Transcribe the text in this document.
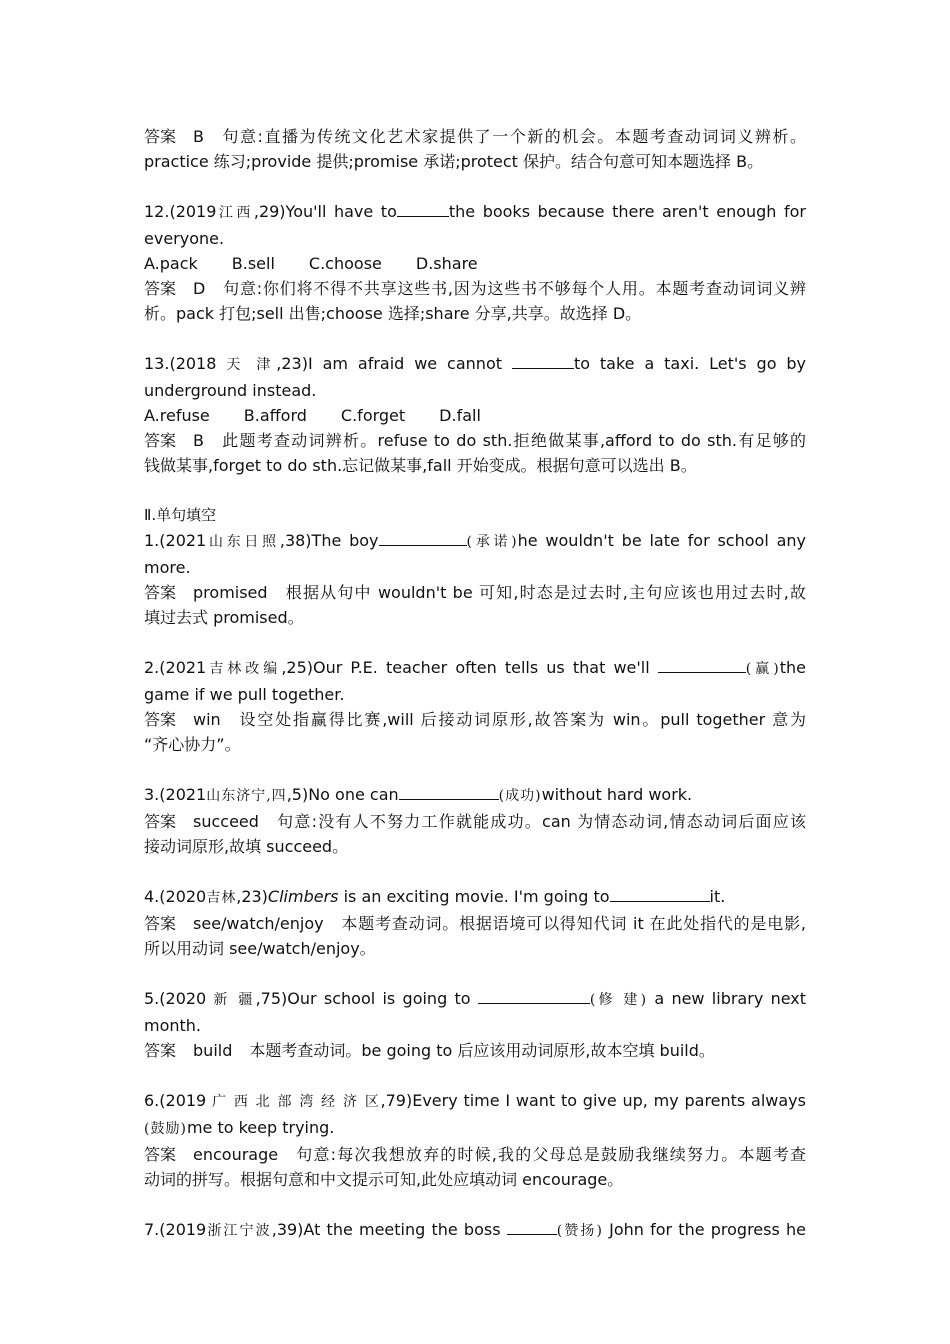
答案 B 句意:直播为传统文化艺术家提供了一个新的机会。本题考查动词词义辨析。
practice 练习;provide 提供;promise 承诺;protect 保护。结合句意可知本题选择 B。
12.(2019江西,29)You'll have to	the books because there aren't enough for
everyone.
A.pack B.sell C.choose D.share
答案 D 句意:你们将不得不共享这些书,因为这些书不够每个人用。本题考查动词词义辨
析。pack 打包;sell 出售;choose 选择;share 分享,共享。故选择 D。
13.(2018 天 津,23)I am afraid we cannot	to take a taxi. Let's go by
underground instead.
A.refuse B.afford C.forget D.fall
答案 B 此题考查动词辨析。refuse to do sth.拒绝做某事,afford to do sth.有足够的
钱做某事,forget to do sth.忘记做某事,fall 开始变成。根据句意可以选出 B。
Ⅱ.单句填空
1.(2021山东日照,38)The boy	(承诺)he wouldn't be late for school any
more.
答案 promised 根据从句中 wouldn't be 可知,时态是过去时,主句应该也用过去时,故
填过去式 promised。
2.(2021吉林改编,25)Our P.E. teacher often tells us that we'll	(赢)the
game if we pull together.
答案 win 设空处指赢得比赛,will 后接动词原形,故答案为 win。pull together 意为
“齐心协力”。
3.(2021山东济宁,四,5)No one can	(成功)without hard work.
答案 succeed 句意:没有人不努力工作就能成功。can 为情态动词,情态动词后面应该
接动词原形,故填 succeed。
4.(2020吉林,23)Climbers is an exciting movie. I'm going to	it.
答案 see/watch/enjoy 本题考查动词。根据语境可以得知代词 it 在此处指代的是电影,
所以用动词 see/watch/enjoy。
5.(2020 新 疆,75)Our school is going to	(修 建) a new library next
month.
答案 build 本题考查动词。be going to 后应该用动词原形,故本空填 build。
6.(2019 广 西 北 部 湾 经 济 区,79)Every time I want to give up, my parents always
(鼓励)me to keep trying.
答案 encourage 句意:每次我想放弃的时候,我的父母总是鼓励我继续努力。本题考查
动词的拼写。根据句意和中文提示可知,此处应填动词 encourage。
7.(2019浙江宁波,39)At the meeting the boss	(赞扬) John for the progress he
